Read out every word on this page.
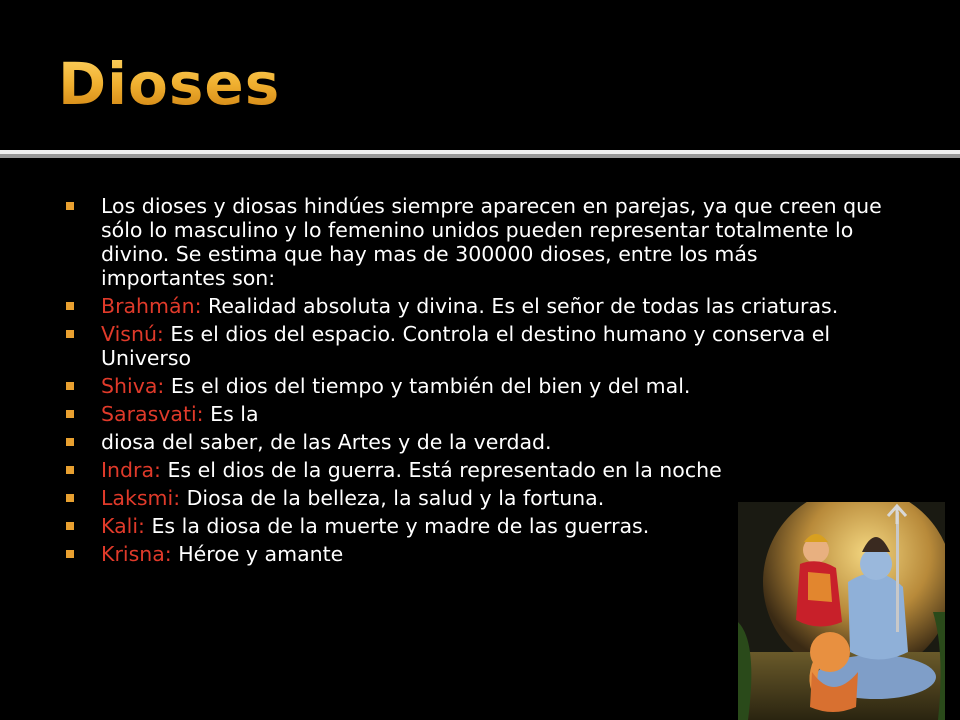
Dioses
Los dioses y diosas hindúes siempre aparecen en parejas, ya que creen que sólo lo masculino y lo femenino unidos pueden representar totalmente lo divino. Se estima que hay mas de 300000 dioses, entre los más importantes son:
Brahmán: Realidad absoluta y divina. Es el señor de todas las criaturas.
Visnú: Es el dios del espacio. Controla el destino humano y conserva el Universo
Shiva: Es el dios del tiempo y también del bien y del mal.
Sarasvati: Es la
diosa del saber, de las Artes y de la verdad.
Indra: Es el dios de la guerra. Está representado en la noche
Laksmi: Diosa de la belleza, la salud y la fortuna.
Kali: Es la diosa de la muerte y madre de las guerras.
Krisna: Héroe y amante
